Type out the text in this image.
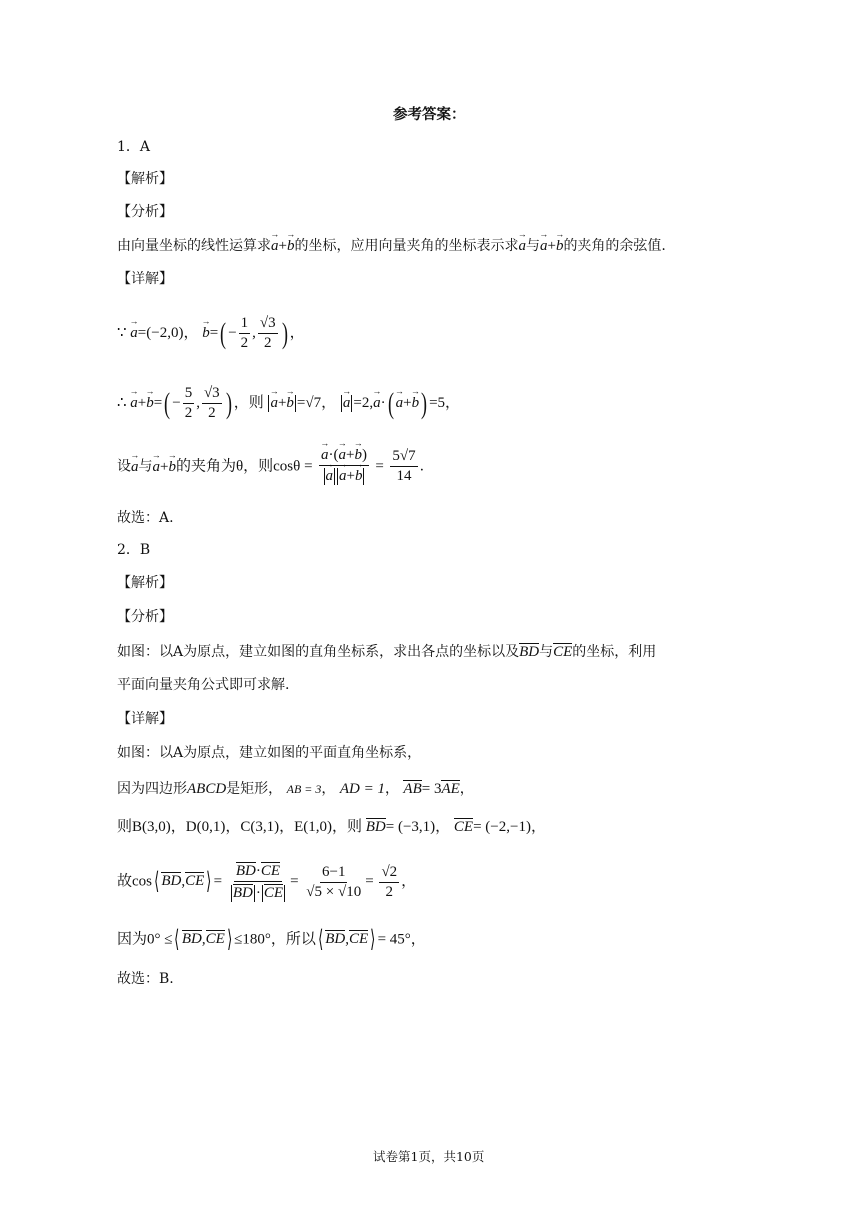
参考答案：
1．A
【解析】
【分析】
由向量坐标的线性运算求→ a+→ b的坐标，应用向量夹角的坐标表示求→ a与→ a+→ b的夹角的余弦值.
【详解】
∵ → a=(−2,0)， → $b=( - \frac{1}{2}$ , $\frac{√3}{2}$ ) ，
∴ → $a+\to b=( - \frac{5}{2}$ , $\frac{√3}{2}$ ) ，则 → a+→ b =√7， → a =2,→ a·( → a+→ b) =5，
设→ a与→ a+→ b的夹角为θ，则cosθ = → a·(→ a+→ b)
→ $a \to a+\to b = \frac{5√7}{14}$ .
故选：A.
2．B
【解析】
【分析】
如图：以A为原点，建立如图的直角坐标系，求出各点的坐标以及BD与CE的坐标，利用
平面向量夹角公式即可求解.
【详解】
如图：以A为原点，建立如图的平面直角坐标系，
因为四边形ABCD是矩形， AB = 3， AD = 1， AB= 3AE，
则B(3,0)，D(0,1)，C(3,1)，E(1,0)，则 BD= (−3,1)， CE= (−2,−1)，
故cos⟨ BD,CE⟩ = $\frac{BD\cdot CE}{BD \cdot CE} = \frac{6-1}{√5 \times √10} = \frac{√2}{2}$ ，
因为0° ≤⟨ BD,CE⟩ ≤180°，所以⟨ BD,CE⟩ = 45°，
故选：B.
试卷第1页，共10页
